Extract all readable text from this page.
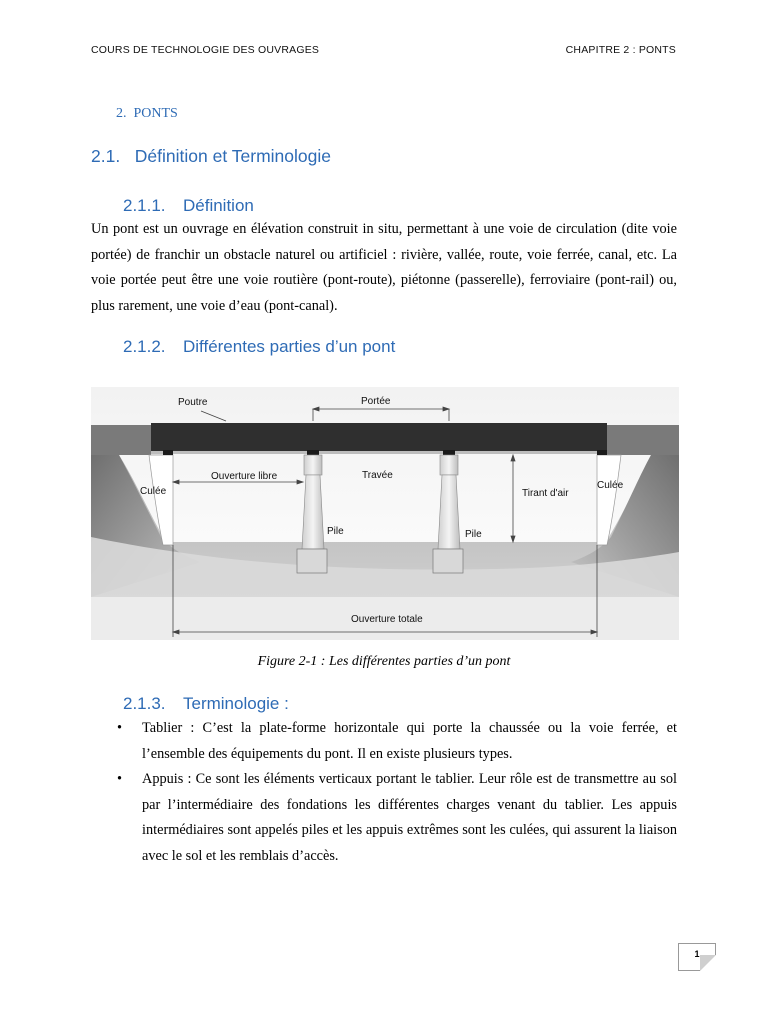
COURS DE TECHNOLOGIE DES OUVRAGES	CHAPITRE 2 : PONTS
2. PONTS
2.1. Définition et Terminologie
2.1.1. Définition

Un pont est un ouvrage en élévation construit in situ, permettant à une voie de circulation (dite voie portée) de franchir un obstacle naturel ou artificiel : rivière, vallée, route, voie ferrée, canal, etc. La voie portée peut être une voie routière (pont-route), piétonne (passerelle), ferroviaire (pont-rail) ou, plus rarement, une voie d’eau (pont-canal).

2.1.2. Différentes parties d’un pont
Poutre	Portée
Ouverture libre	Travée
Culée
Culée
Tirant d'air
Pile	Pile
Ouverture totale
Figure 2-1 : Les différentes parties d’un pont
2.1.3. Terminologie :
• Tablier : C’est la plate-forme horizontale qui porte la chaussée ou la voie ferrée, et l’ensemble des équipements du pont. Il en existe plusieurs types.
• Appuis : Ce sont les éléments verticaux portant le tablier. Leur rôle est de transmettre au sol par l’intermédiaire des fondations les différentes charges venant du tablier. Les appuis intermédiaires sont appelés piles et les appuis extrêmes sont les culées, qui assurent la liaison avec le sol et les remblais d’accès.
1
